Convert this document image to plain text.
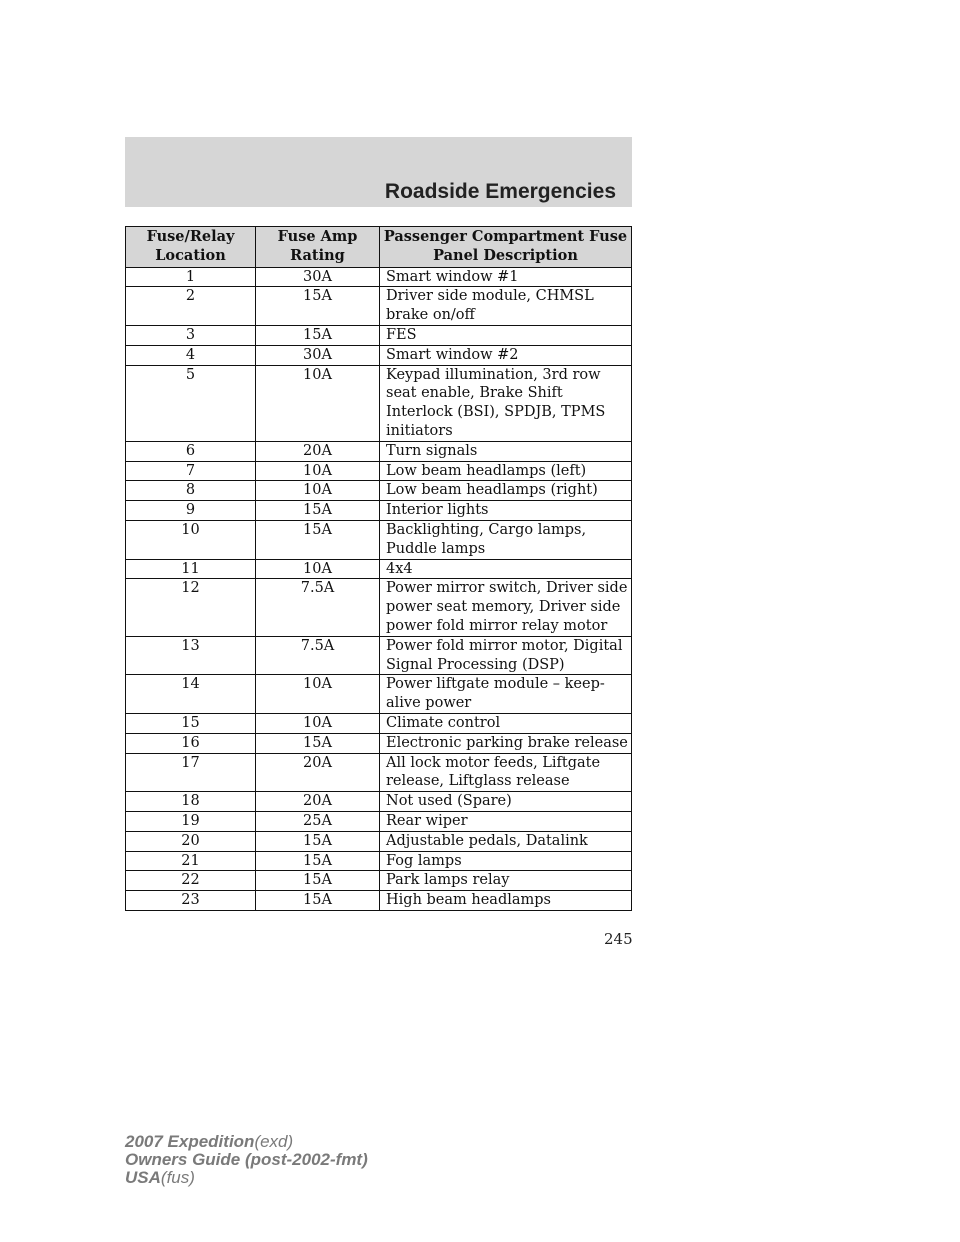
Roadside Emergencies
Fuse/Relay Location	Fuse Amp Rating	Passenger Compartment Fuse Panel Description
1	30A	Smart window #1
2	15A	Driver side module, CHMSL brake on/off
3	15A	FES
4	30A	Smart window #2
5	10A	Keypad illumination, 3rd row seat enable, Brake Shift Interlock (BSI), SPDJB, TPMS initiators
6	20A	Turn signals
7	10A	Low beam headlamps (left)
8	10A	Low beam headlamps (right)
9	15A	Interior lights
10	15A	Backlighting, Cargo lamps, Puddle lamps
11	10A	4x4
12	7.5A	Power mirror switch, Driver side power seat memory, Driver side power fold mirror relay motor
13	7.5A	Power fold mirror motor, Digital Signal Processing (DSP)
14	10A	Power liftgate module – keep-alive power
15	10A	Climate control
16	15A	Electronic parking brake release
17	20A	All lock motor feeds, Liftgate release, Liftglass release
18	20A	Not used (Spare)
19	25A	Rear wiper
20	15A	Adjustable pedals, Datalink
21	15A	Fog lamps
22	15A	Park lamps relay
23	15A	High beam headlamps
245
2007 Expedition(exd)
Owners Guide (post-2002-fmt)
USA(fus)
